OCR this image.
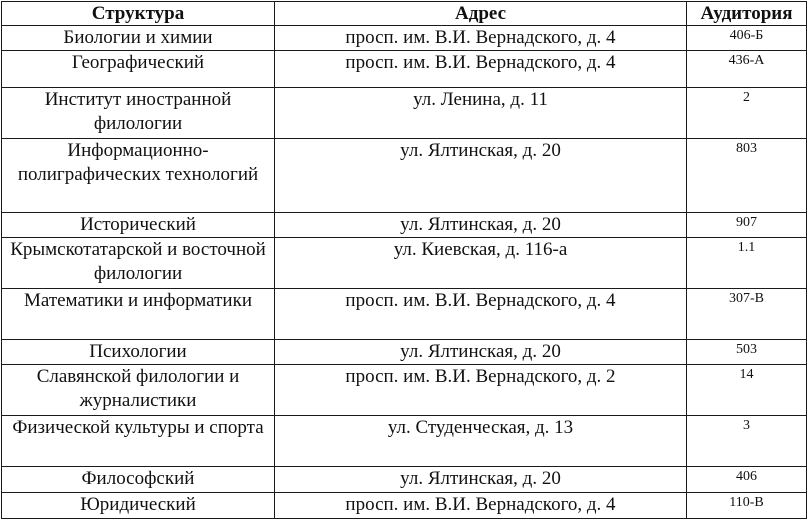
Структура	Адрес	Аудитория
Биологии и химии	просп. им. В.И. Вернадского, д. 4	406-Б
Географический	просп. им. В.И. Вернадского, д. 4	436-А
Институт иностранной филологии	ул. Ленина, д. 11	2
Информационно-полиграфических технологий	ул. Ялтинская, д. 20	803
Исторический	ул. Ялтинская, д. 20	907
Крымскотатарской и восточной филологии	ул. Киевская, д. 116-а	1.1
Математики и информатики	просп. им. В.И. Вернадского, д. 4	307-В
Психологии	ул. Ялтинская, д. 20	503
Славянской филологии и журналистики	просп. им. В.И. Вернадского, д. 2	14
Физической культуры и спорта	ул. Студенческая, д. 13	3
Философский	ул. Ялтинская, д. 20	406
Юридический	просп. им. В.И. Вернадского, д. 4	110-В
